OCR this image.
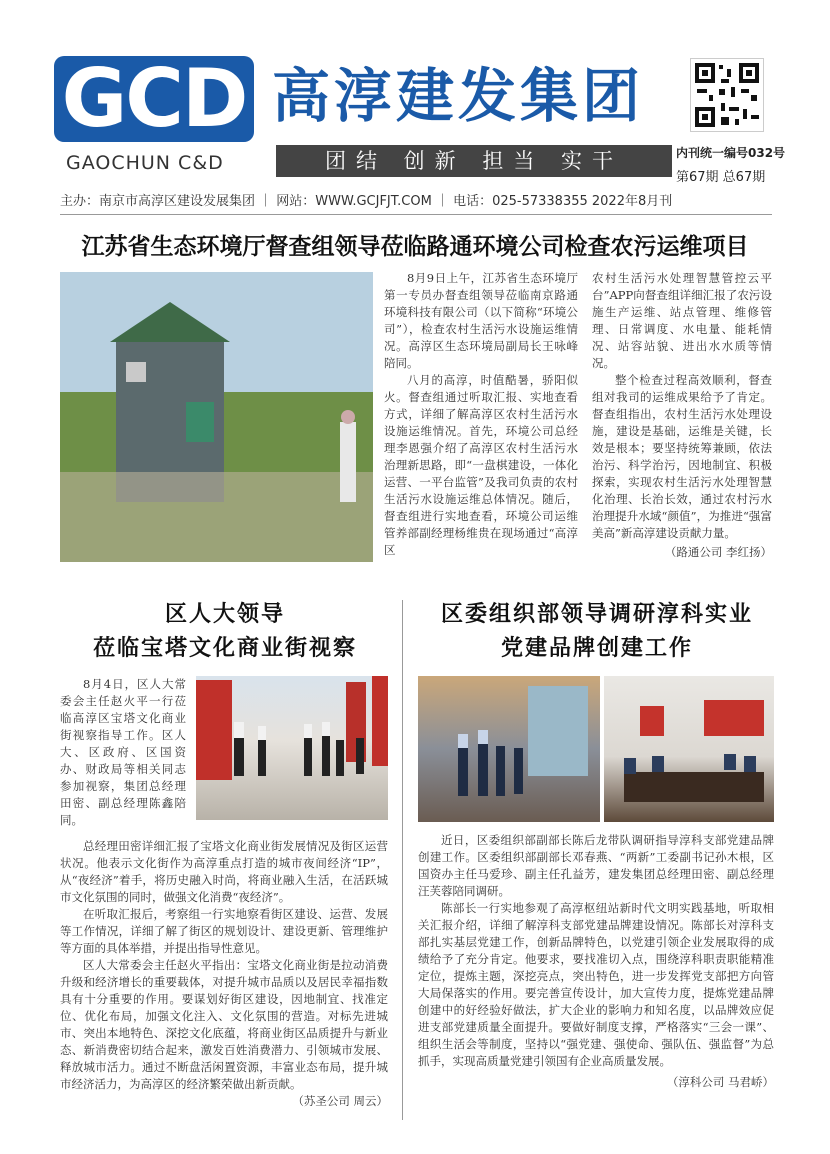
GCD
GAOCHUN C&D
高淳建发集团
团结 创新 担当 实干	内刊统一编号032号
第67期 总67期
主办：南京市高淳区建设发展集团 ｜ 网站：WWW.GCJFJT.COM ｜ 电话：025-57338355 2022年8月刊
江苏省生态环境厅督查组领导莅临路通环境公司检查农污运维项目

8月9日上午，江苏省生态环境厅第一专员办督查组领导莅临南京路通环境科技有限公司（以下简称“环境公司”），检查农村生活污水设施运维情况。高淳区生态环境局副局长王咏峰陪同。

八月的高淳，时值酷暑，骄阳似火。督查组通过听取汇报、实地查看方式，详细了解高淳区农村生活污水设施运维情况。首先，环境公司总经理李恩强介绍了高淳区农村生活污水治理新思路，即“一盘棋建设，一体化运营、一平台监管”及我司负责的农村生活污水设施运维总体情况。随后，督查组进行实地查看，环境公司运维管养部副经理杨维贵在现场通过“高淳区

农村生活污水处理智慧管控云平台”APP向督查组详细汇报了农污设施生产运维、站点管理、维修管理、日常调度、水电量、能耗情况、站容站貌、进出水水质等情况。

整个检查过程高效顺利，督查组对我司的运维成果给予了肯定。督查组指出，农村生活污水处理设施，建设是基础，运维是关键，长效是根本；要坚持统筹兼顾，依法治污、科学治污，因地制宜、积极探索，实现农村生活污水处理智慧化治理、长治长效，通过农村污水治理提升水域“颜值”，为推进“强富美高”新高淳建设贡献力量。

（路通公司 李红扬）
区人大领导
莅临宝塔文化商业街视察

8月4日，区人大常委会主任赵火平一行莅临高淳区宝塔文化商业街视察指导工作。区人大、区政府、区国资办、财政局等相关同志参加视察，集团总经理田密、副总经理陈鑫陪同。

总经理田密详细汇报了宝塔文化商业街发展情况及街区运营状况。他表示文化街作为高淳重点打造的城市夜间经济“IP”，从“夜经济”着手，将历史融入时尚，将商业融入生活，在活跃城市文化氛围的同时，做强文化消费“夜经济”。

在听取汇报后，考察组一行实地察看街区建设、运营、发展等工作情况，详细了解了街区的规划设计、建设更新、管理维护等方面的具体举措，并提出指导性意见。

区人大常委会主任赵火平指出：宝塔文化商业街是拉动消费升级和经济增长的重要载体，对提升城市品质以及居民幸福指数具有十分重要的作用。要谋划好街区建设，因地制宜、找准定位、优化布局，加强文化注入、文化氛围的营造。对标先进城市、突出本地特色、深挖文化底蕴，将商业街区品质提升与新业态、新消费密切结合起来，激发百姓消费潜力、引领城市发展、释放城市活力。通过不断盘活闲置资源，丰富业态布局，提升城市经济活力，为高淳区的经济繁荣做出新贡献。

（苏圣公司 周云）
区委组织部领导调研淳科实业
党建品牌创建工作

近日，区委组织部副部长陈后龙带队调研指导淳科支部党建品牌创建工作。区委组织部副部长邓春燕、“两新”工委副书记孙木根，区国资办主任马爱珍、副主任孔益芳，建发集团总经理田密、副总经理汪芙蓉陪同调研。

陈部长一行实地参观了高淳枢纽站新时代文明实践基地，听取相关汇报介绍，详细了解淳科支部党建品牌建设情况。陈部长对淳科支部扎实基层党建工作，创新品牌特色，以党建引领企业发展取得的成绩给予了充分肯定。他要求，要找准切入点，围绕淳科职责职能精准定位，提炼主题，深挖亮点，突出特色，进一步发挥党支部把方向管大局保落实的作用。要完善宣传设计，加大宣传力度，提炼党建品牌创建中的好经验好做法，扩大企业的影响力和知名度，以品牌效应促进支部党建质量全面提升。要做好制度支撑，严格落实“三会一课”、组织生活会等制度，坚持以“强党建、强使命、强队伍、强监督”为总抓手，实现高质量党建引领国有企业高质量发展。

（淳科公司 马君峤）
